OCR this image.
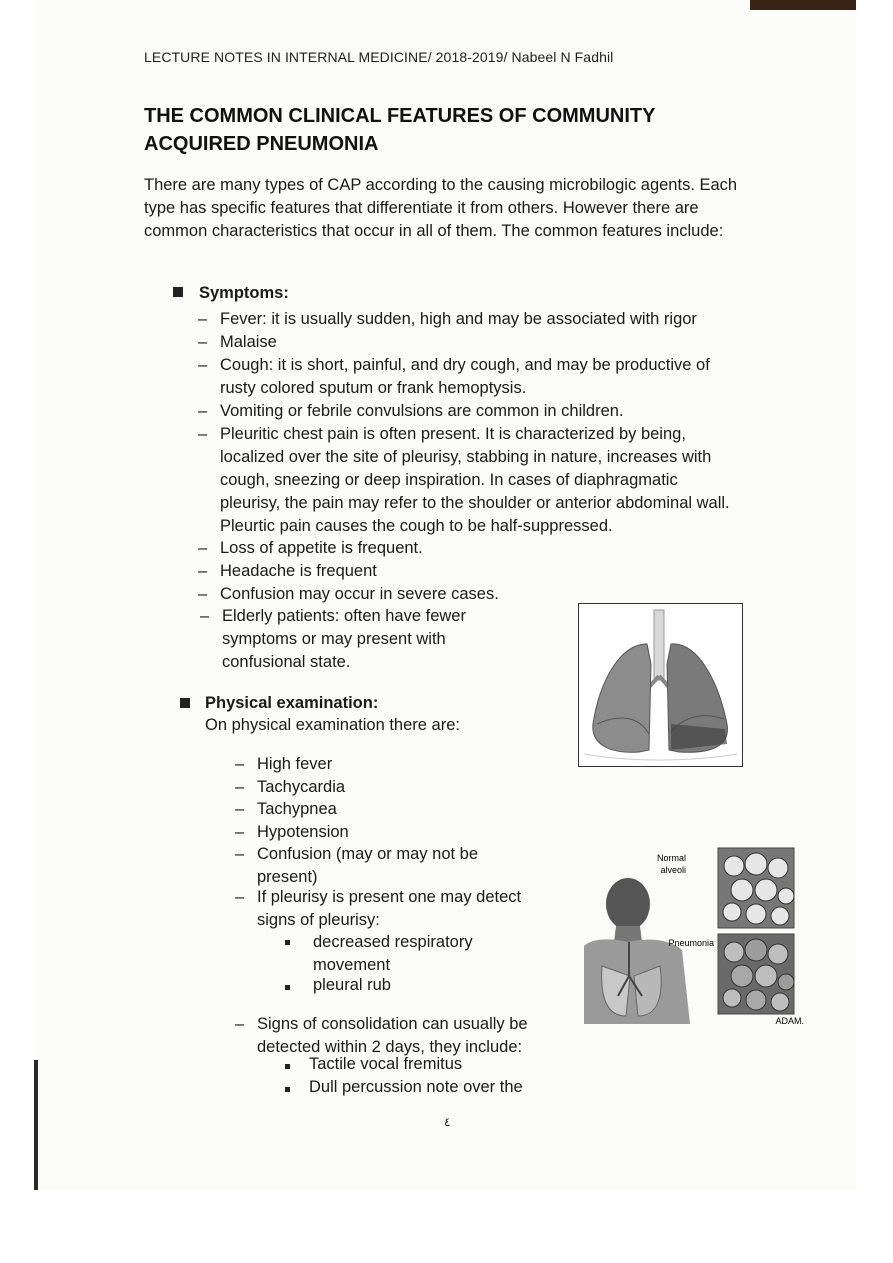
LECTURE NOTES IN INTERNAL MEDICINE/ 2018-2019/ Nabeel N Fadhil
THE COMMON CLINICAL FEATURES OF COMMUNITY ACQUIRED PNEUMONIA
There are many types of CAP according to the causing microbilogic agents. Each type has specific features that differentiate it from others. However there are common characteristics that occur in all of them. The common features include:
Symptoms:
– Fever: it is usually sudden, high and may be associated with rigor
– Malaise
– Cough: it is short, painful, and dry cough, and may be productive of rusty colored sputum or frank hemoptysis.
– Vomiting or febrile convulsions are common in children.
– Pleuritic chest pain is often present. It is characterized by being, localized over the site of pleurisy, stabbing in nature, increases with cough, sneezing or deep inspiration. In cases of diaphragmatic pleurisy, the pain may refer to the shoulder or anterior abdominal wall. Pleurtic pain causes the cough to be half-suppressed.
– Loss of appetite is frequent.
– Headache is frequent
– Confusion may occur in severe cases.
– Elderly patients: often have fewer symptoms or may present with confusional state.
Physical examination:
On physical examination there are:
– High fever
– Tachycardia
– Tachypnea
– Hypotension
– Confusion (may or may not be present)
– If pleurisy is present one may detect signs of pleurisy:
– Signs of consolidation can usually be detected within 2 days, they include:
decreased respiratory movement
pleural rub
Tactile vocal fremitus
Dull percussion note over the
Normal
alveoli
Pneumonia
ADAM.
٤
